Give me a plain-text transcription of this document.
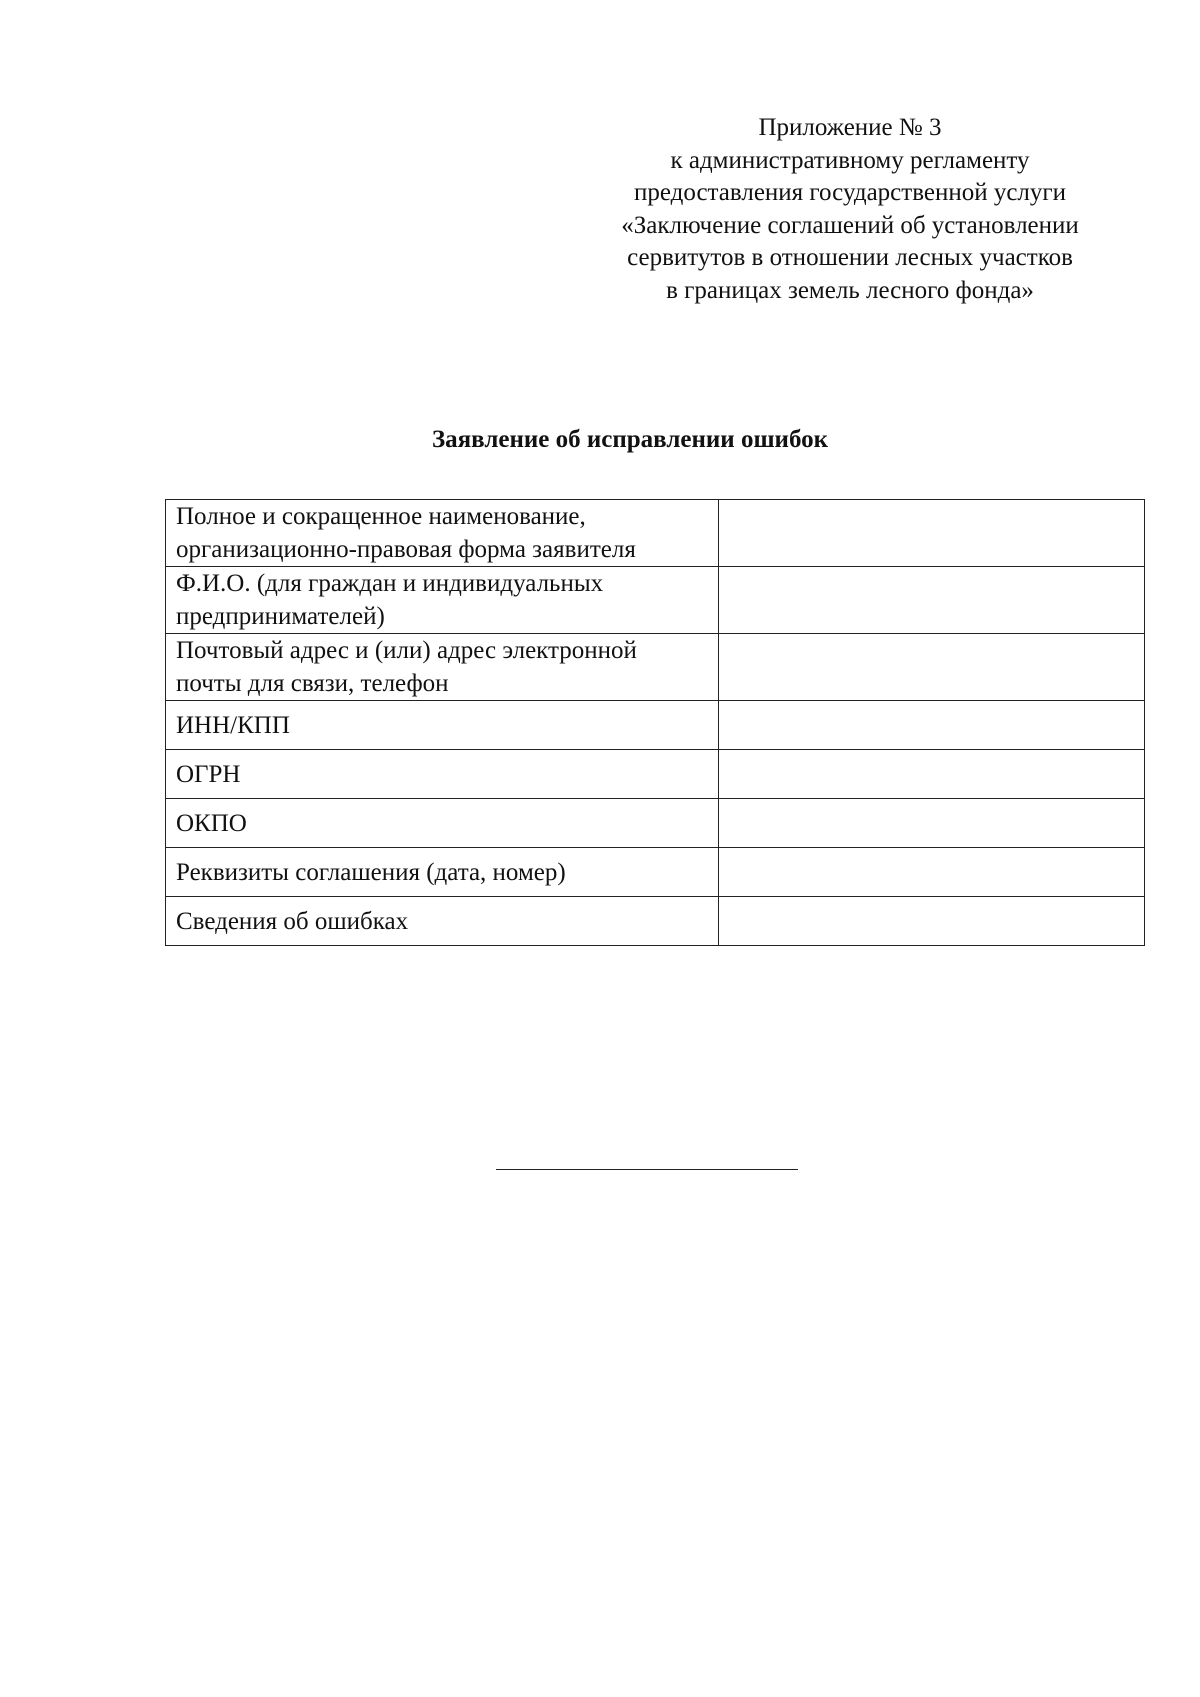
Приложение № 3
к административному регламенту
предоставления государственной услуги
«Заключение соглашений об установлении
сервитутов в отношении лесных участков
в границах земель лесного фонда»
Заявление об исправлении ошибок
Полное и сокращенное наименование,
организационно-правовая форма заявителя	

Ф.И.О. (для граждан и индивидуальных
предпринимателей)	

Почтовый адрес и (или) адрес электронной
почты для связи, телефон	

ИНН/КПП	
ОГРН	
ОКПО	
Реквизиты соглашения (дата, номер)	
Сведения об ошибках	
